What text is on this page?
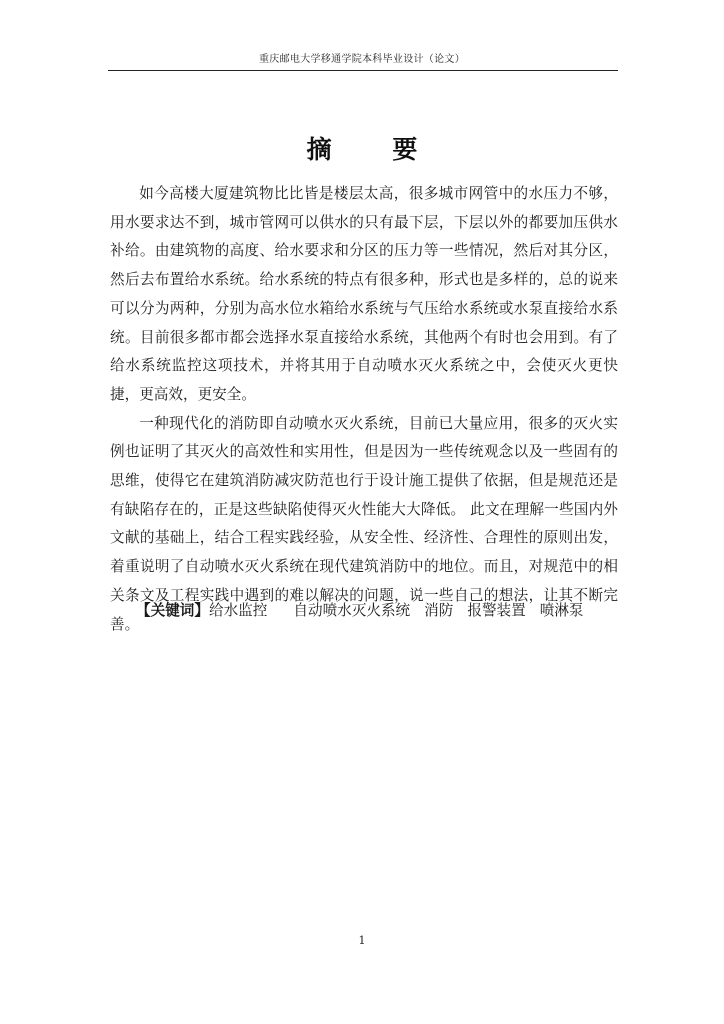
重庆邮电大学移通学院本科毕业设计（论文）
摘 要

如今高楼大厦建筑物比比皆是楼层太高，很多城市网管中的水压力不够，用水要求达不到，城市管网可以供水的只有最下层，下层以外的都要加压供水补给。由建筑物的高度、给水要求和分区的压力等一些情况，然后对其分区，然后去布置给水系统。给水系统的特点有很多种，形式也是多样的，总的说来可以分为两种，分别为高水位水箱给水系统与气压给水系统或水泵直接给水系统。目前很多都市都会选择水泵直接给水系统，其他两个有时也会用到。有了给水系统监控这项技术，并将其用于自动喷水灭火系统之中，会使灭火更快捷，更高效，更安全。

一种现代化的消防即自动喷水灭火系统，目前已大量应用，很多的灭火实例也证明了其灭火的高效性和实用性，但是因为一些传统观念以及一些固有的思维，使得它在建筑消防减灾防范也行于设计施工提供了依据，但是规范还是有缺陷存在的，正是这些缺陷使得灭火性能大大降低。 此文在理解一些国内外文献的基础上，结合工程实践经验，从安全性、经济性、合理性的原则出发，着重说明了自动喷水灭火系统在现代建筑消防中的地位。而且，对规范中的相关条文及工程实践中遇到的难以解决的问题，说一些自己的想法，让其不断完善。

【关键词】给水监控 自动喷水灭火系统 消防 报警装置 喷淋泵
1
